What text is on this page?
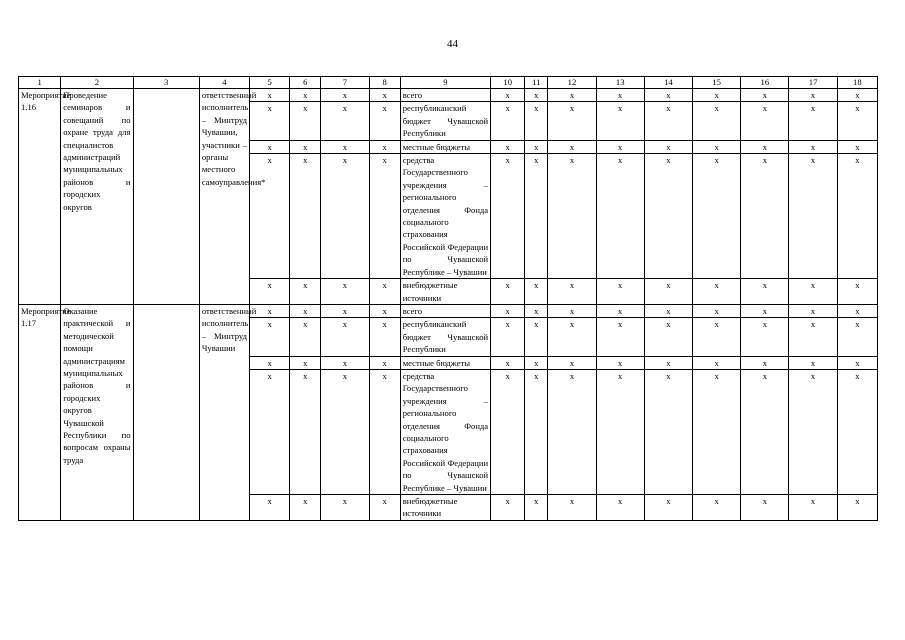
44
1	2	3	4	5	6	7	8	9	10	11	12	13	14	15	16	17	18
Мероприятие 1.16	Проведение семинаров и совещаний по охране труда для специалистов администраций муниципальных районов и городских округов		ответственный исполнитель – Минтруд Чувашии, участники – органы местного самоуправления*	х	х	х	х	всего	х	х	х	х	х	х	х	х	х
				х	х	х	х	республиканский бюджет Чувашской Республики	х	х	х	х	х	х	х	х	х
				х	х	х	х	местные бюджеты	х	х	х	х	х	х	х	х	х
				х	х	х	х	средства Государственного учреждения – регионального отделения Фонда социального страхования Российской Федерации по Чувашской Республике – Чувашии	х	х	х	х	х	х	х	х	х
				х	х	х	х	внебюджетные источники	х	х	х	х	х	х	х	х	х
Мероприятие 1.17	Оказание практической и методической помощи администрациям муниципальных районов и городских округов Чувашской Республики по вопросам охраны труда		ответственный исполнитель – Минтруд Чувашии	х	х	х	х	всего	х	х	х	х	х	х	х	х	х
				х	х	х	х	республиканский бюджет Чувашской Республики	х	х	х	х	х	х	х	х	х
				х	х	х	х	местные бюджеты	х	х	х	х	х	х	х	х	х
				х	х	х	х	средства Государственного учреждения – регионального отделения Фонда социального страхования Российской Федерации по Чувашской Республике – Чувашии	х	х	х	х	х	х	х	х	х
				х	х	х	х	внебюджетные источники	х	х	х	х	х	х	х	х	х
